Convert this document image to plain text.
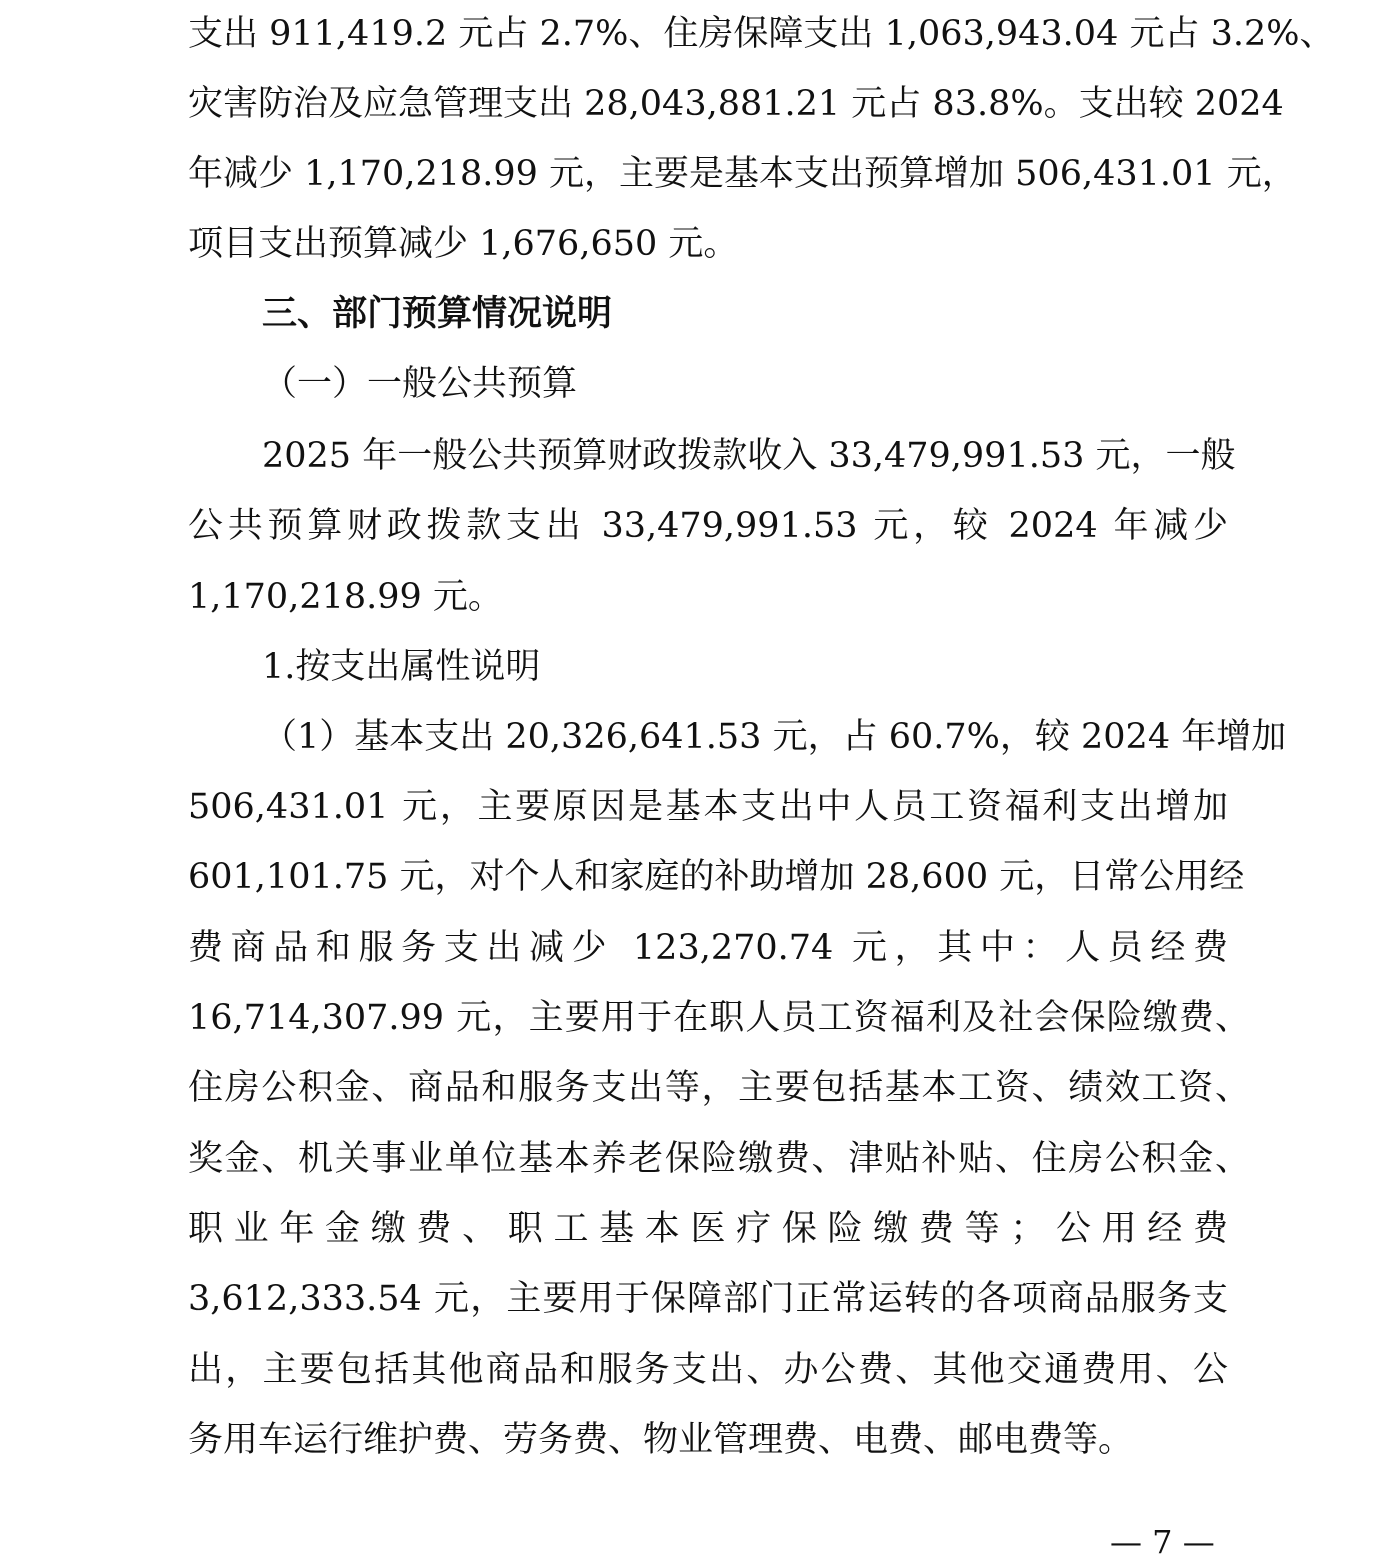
支出 911,419.2 元占 2.7%、住房保障支出 1,063,943.04 元占 3.2%、
灾害防治及应急管理支出 28,043,881.21 元占 83.8%。支出较 2024
年减少 1,170,218.99 元，主要是基本支出预算增加 506,431.01 元，
项目支出预算减少 1,676,650 元。
三、部门预算情况说明
（一）一般公共预算
2025 年一般公共预算财政拨款收入 33,479,991.53 元，一般
公共预算财政拨款支出 33,479,991.53 元，较 2024 年减少
1,170,218.99 元。
1.按支出属性说明
（1）基本支出 20,326,641.53 元，占 60.7%，较 2024 年增加
506,431.01 元，主要原因是基本支出中人员工资福利支出增加
601,101.75 元，对个人和家庭的补助增加 28,600 元，日常公用经
费商品和服务支出减少 123,270.74 元，其中：人员经费
16,714,307.99 元，主要用于在职人员工资福利及社会保险缴费、
住房公积金、商品和服务支出等，主要包括基本工资、绩效工资、
奖金、机关事业单位基本养老保险缴费、津贴补贴、住房公积金、
职业年金缴费、职工基本医疗保险缴费等；公用经费
3,612,333.54 元，主要用于保障部门正常运转的各项商品服务支
出，主要包括其他商品和服务支出、办公费、其他交通费用、公
务用车运行维护费、劳务费、物业管理费、电费、邮电费等。
— 7 —
